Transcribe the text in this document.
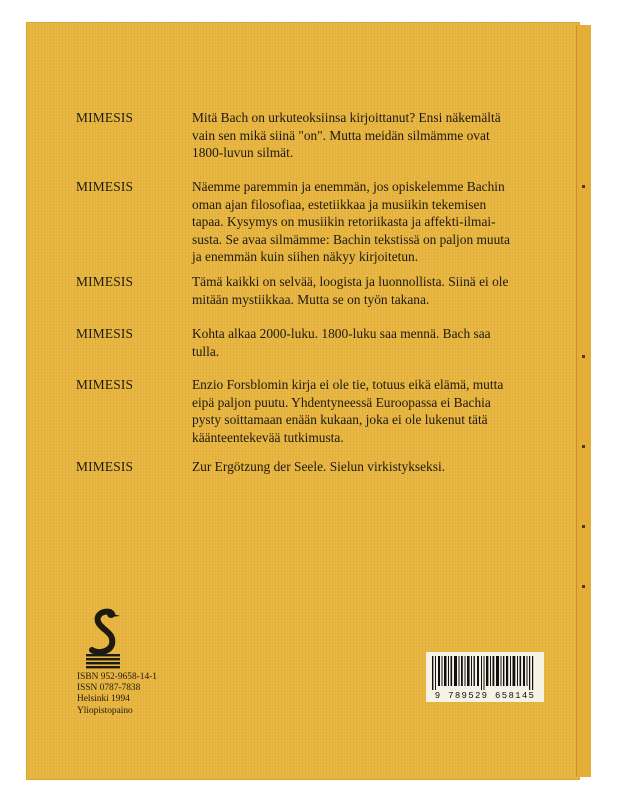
MIMESIS	Mitä Bach on urkuteoksiinsa kirjoittanut? Ensi näkemältä

vain sen mikä siinä "on". Mutta meidän silmämme ovat

1800-luvun silmät.

MIMESIS	Näemme paremmin ja enemmän, jos opiskelemme Bachin

oman ajan filosofiaa, estetiikkaa ja musiikin tekemisen

tapaa. Kysymys on musiikin retoriikasta ja affekti-ilmai-

susta. Se avaa silmämme: Bachin tekstissä on paljon muuta

ja enemmän kuin siihen näkyy kirjoitetun.

MIMESIS	Tämä kaikki on selvää, loogista ja luonnollista. Siinä ei ole

mitään mystiikkaa. Mutta se on työn takana.

MIMESIS	Kohta alkaa 2000-luku. 1800-luku saa mennä. Bach saa

tulla.

MIMESIS	Enzio Forsblomin kirja ei ole tie, totuus eikä elämä, mutta

eipä paljon puutu. Yhdentyneessä Euroopassa ei Bachia

pysty soittamaan enään kukaan, joka ei ole lukenut tätä

käänteentekevää tutkimusta.

MIMESIS	Zur Ergötzung der Seele. Sielun virkistykseksi.

ISBN 952-9658-14-1
ISSN 0787-7838
Helsinki 1994
Yliopistopaino
9 789529 658145
